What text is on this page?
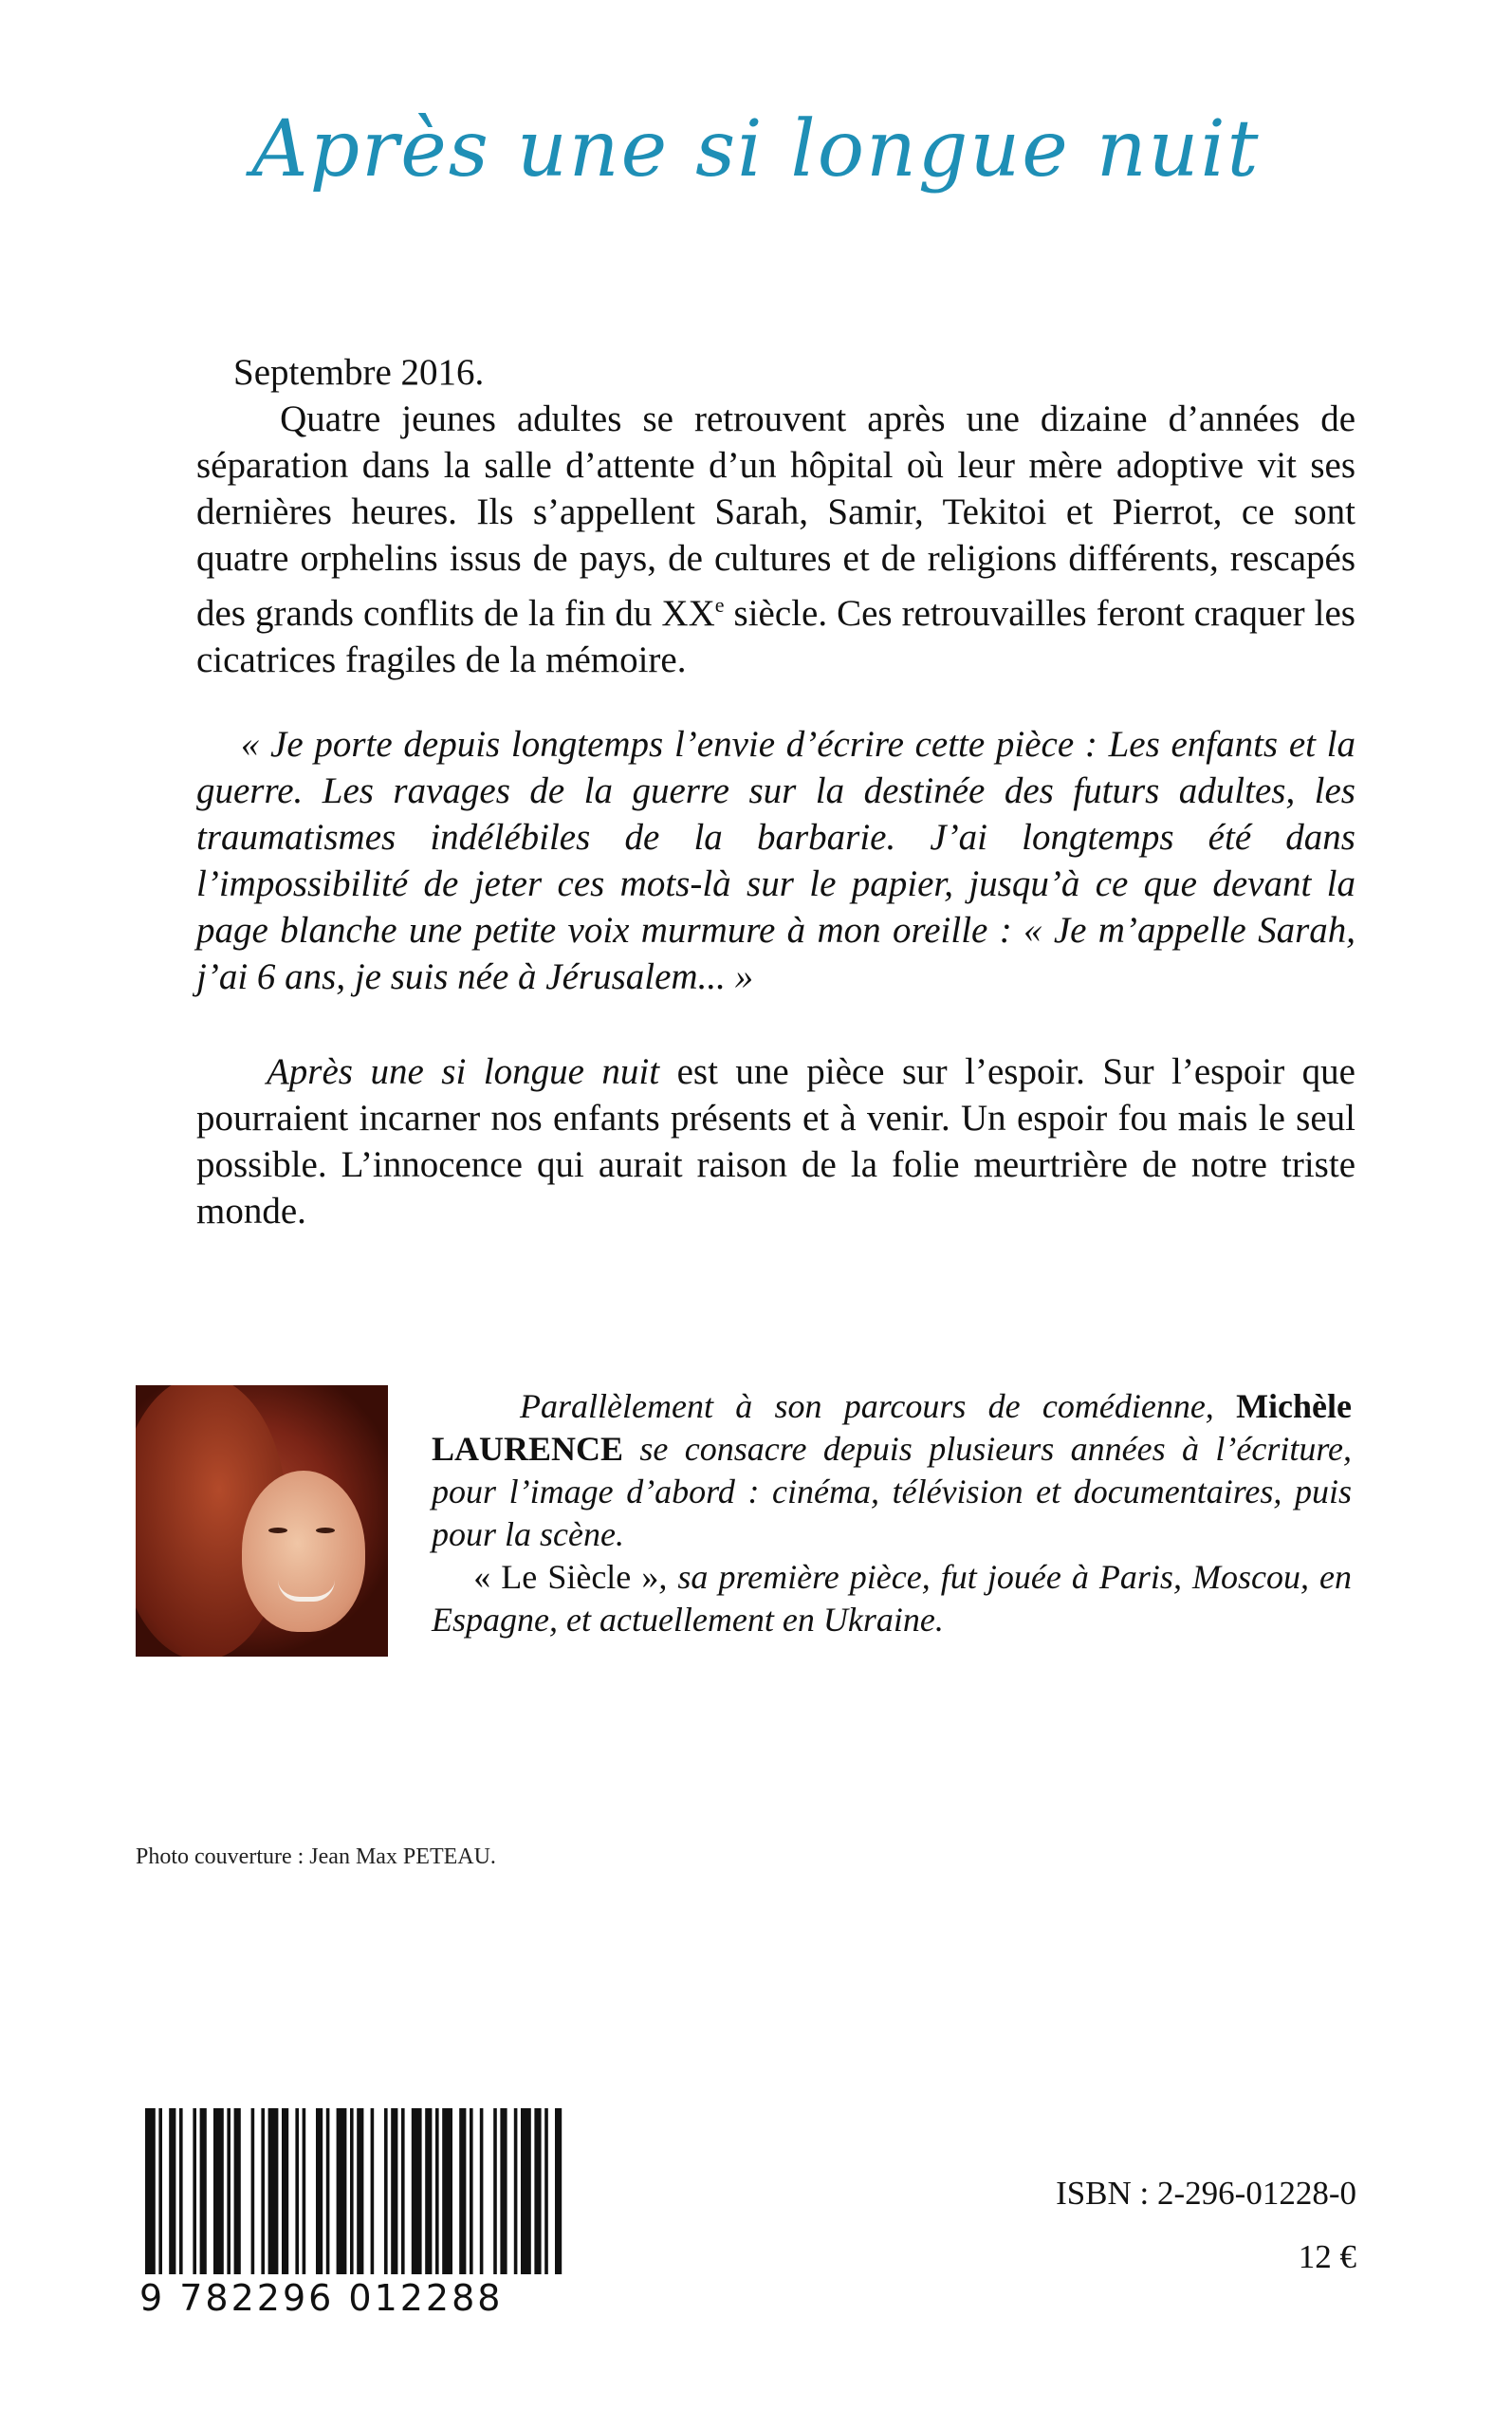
Après une si longue nuit

Septembre 2016.

Quatre jeunes adultes se retrouvent après une dizaine d’années de séparation dans la salle d’attente d’un hôpital où leur mère adoptive vit ses dernières heures. Ils s’appellent Sarah, Samir, Tekitoi et Pierrot, ce sont quatre orphelins issus de pays, de cultures et de religions différents, rescapés des grands conflits de la fin du XXe siècle. Ces retrouvailles feront craquer les cicatrices fragiles de la mémoire.

« Je porte depuis longtemps l’envie d’écrire cette pièce : Les enfants et la guerre. Les ravages de la guerre sur la destinée des futurs adultes, les traumatismes indélébiles de la barbarie. J’ai longtemps été dans l’impossibilité de jeter ces mots-là sur le papier, jusqu’à ce que devant la page blanche une petite voix murmure à mon oreille : « Je m’appelle Sarah, j’ai 6 ans, je suis née à Jérusalem... »

Après une si longue nuit est une pièce sur l’espoir. Sur l’espoir que pourraient incarner nos enfants présents et à venir. Un espoir fou mais le seul possible. L’innocence qui aurait raison de la folie meurtrière de notre triste monde.

Parallèlement à son parcours de comédienne, Michèle LAURENCE se consacre depuis plusieurs années à l’écriture, pour l’image d’abord : cinéma, télévision et documentaires, puis pour la scène.

« Le Siècle », sa première pièce, fut jouée à Paris, Moscou, en Espagne, et actuellement en Ukraine.

Photo couverture : Jean Max PETEAU.
9 782296 012288
ISBN : 2-296-01228-0
12 €
